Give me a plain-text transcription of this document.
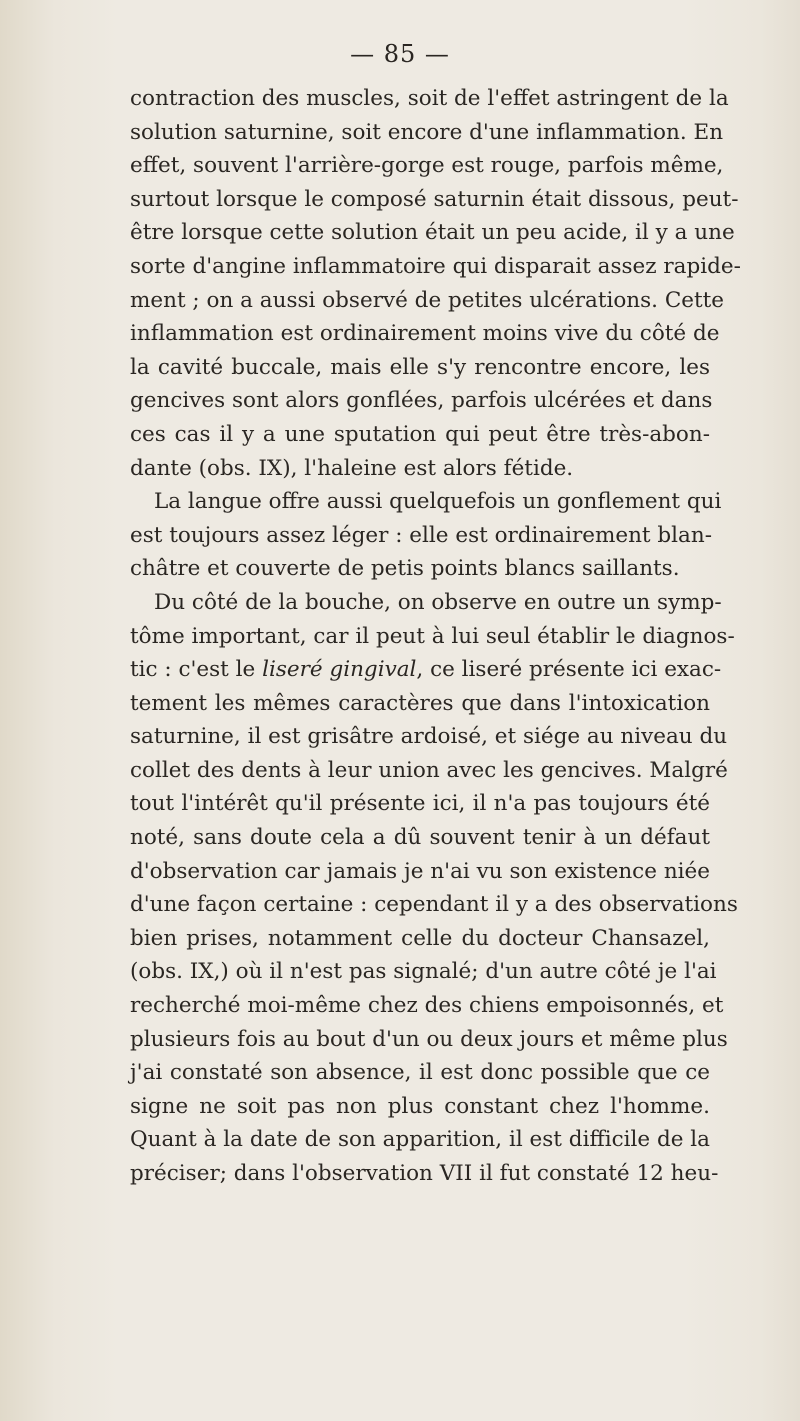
— 85 —
contraction des muscles, soit de l'effet astringent de la
solution saturnine, soit encore d'une inflammation. En
effet, souvent l'arrière-gorge est rouge, parfois même,
surtout lorsque le composé saturnin était dissous, peut-
être lorsque cette solution était un peu acide, il y a une
sorte d'angine inflammatoire qui disparait assez rapide-
ment ; on a aussi observé de petites ulcérations. Cette
inflammation est ordinairement moins vive du côté de
la cavité buccale, mais elle s'y rencontre encore, les
gencives sont alors gonflées, parfois ulcérées et dans
ces cas il y a une sputation qui peut être très-abon-
dante (obs. IX), l'haleine est alors fétide.
La langue offre aussi quelquefois un gonflement qui
est toujours assez léger : elle est ordinairement blan-
châtre et couverte de petis points blancs saillants.
Du côté de la bouche, on observe en outre un symp-
tôme important, car il peut à lui seul établir le diagnos-
tic : c'est le liseré gingival, ce liseré présente ici exac-
tement les mêmes caractères que dans l'intoxication
saturnine, il est grisâtre ardoisé, et siége au niveau du
collet des dents à leur union avec les gencives. Malgré
tout l'intérêt qu'il présente ici, il n'a pas toujours été
noté, sans doute cela a dû souvent tenir à un défaut
d'observation car jamais je n'ai vu son existence niée
d'une façon certaine : cependant il y a des observations
bien prises, notamment celle du docteur Chansazel,
(obs. IX,) où il n'est pas signalé; d'un autre côté je l'ai
recherché moi-même chez des chiens empoisonnés, et
plusieurs fois au bout d'un ou deux jours et même plus
j'ai constaté son absence, il est donc possible que ce
signe ne soit pas non plus constant chez l'homme.
Quant à la date de son apparition, il est difficile de la
préciser; dans l'observation VII il fut constaté 12 heu-
